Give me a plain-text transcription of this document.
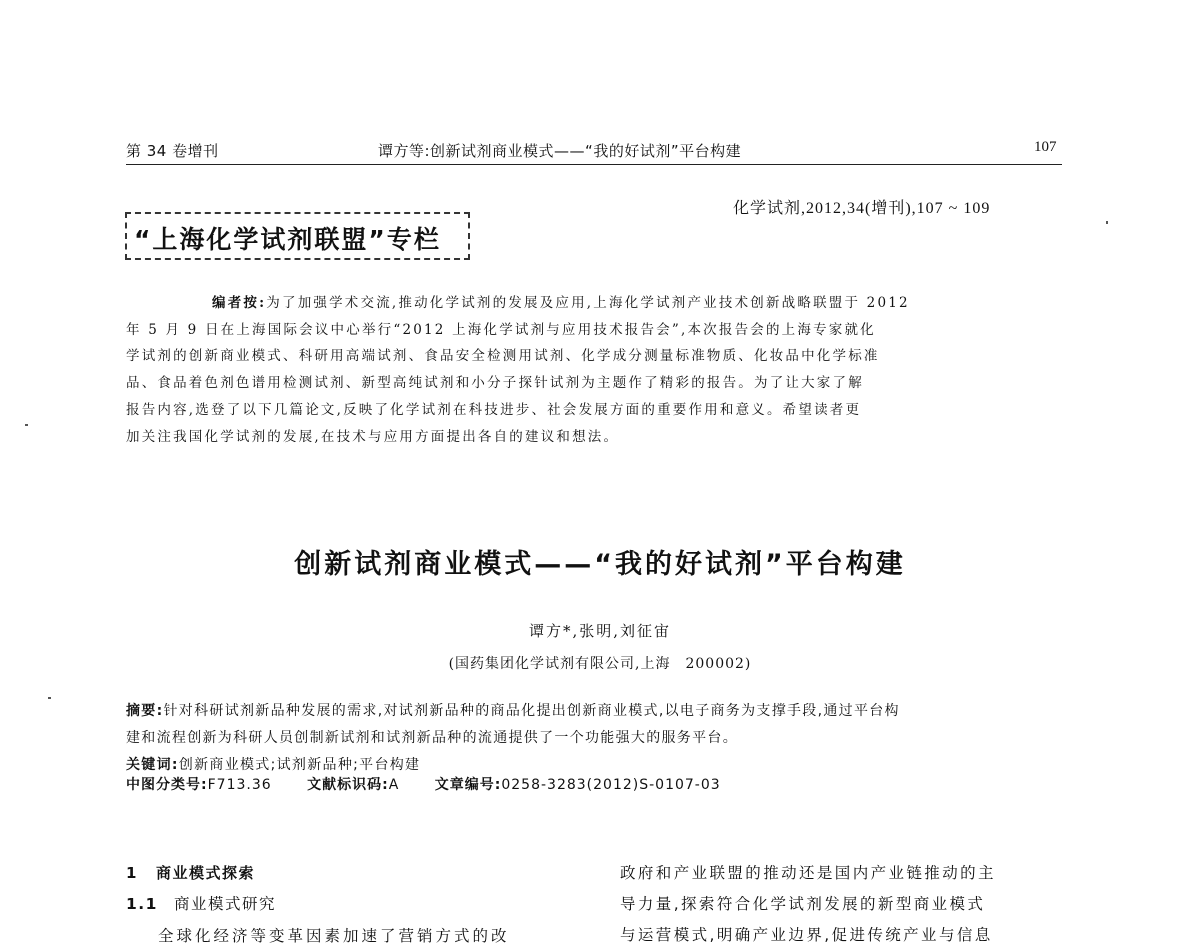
第 34 卷增刊	谭方等:创新试剂商业模式——“我的好试剂”平台构建	107
化学试剂,2012,34(增刊),107 ~ 109
“上海化学试剂联盟”专栏
编者按:为了加强学术交流,推动化学试剂的发展及应用,上海化学试剂产业技术创新战略联盟于 2012
年 5 月 9 日在上海国际会议中心举行“2012 上海化学试剂与应用技术报告会”,本次报告会的上海专家就化
学试剂的创新商业模式、科研用高端试剂、食品安全检测用试剂、化学成分测量标准物质、化妆品中化学标准
品、食品着色剂色谱用检测试剂、新型高纯试剂和小分子探针试剂为主题作了精彩的报告。为了让大家了解
报告内容,选登了以下几篇论文,反映了化学试剂在科技进步、社会发展方面的重要作用和意义。希望读者更
加关注我国化学试剂的发展,在技术与应用方面提出各自的建议和想法。
创新试剂商业模式——“我的好试剂”平台构建
谭方*,张明,刘征宙
(国药集团化学试剂有限公司,上海　200002)
摘要:针对科研试剂新品种发展的需求,对试剂新品种的商品化提出创新商业模式,以电子商务为支撑手段,通过平台构
建和流程创新为科研人员创制新试剂和试剂新品种的流通提供了一个功能强大的服务平台。
关键词:创新商业模式;试剂新品种;平台构建
中图分类号:F713.36	文献标识码:A	文章编号:0258-3283(2012)S-0107-03
1 商业模式探索
1.1 商业模式研究
全球化经济等变革因素加速了营销方式的改
政府和产业联盟的推动还是国内产业链推动的主
导力量,探索符合化学试剂发展的新型商业模式
与运营模式,明确产业边界,促进传统产业与信息
